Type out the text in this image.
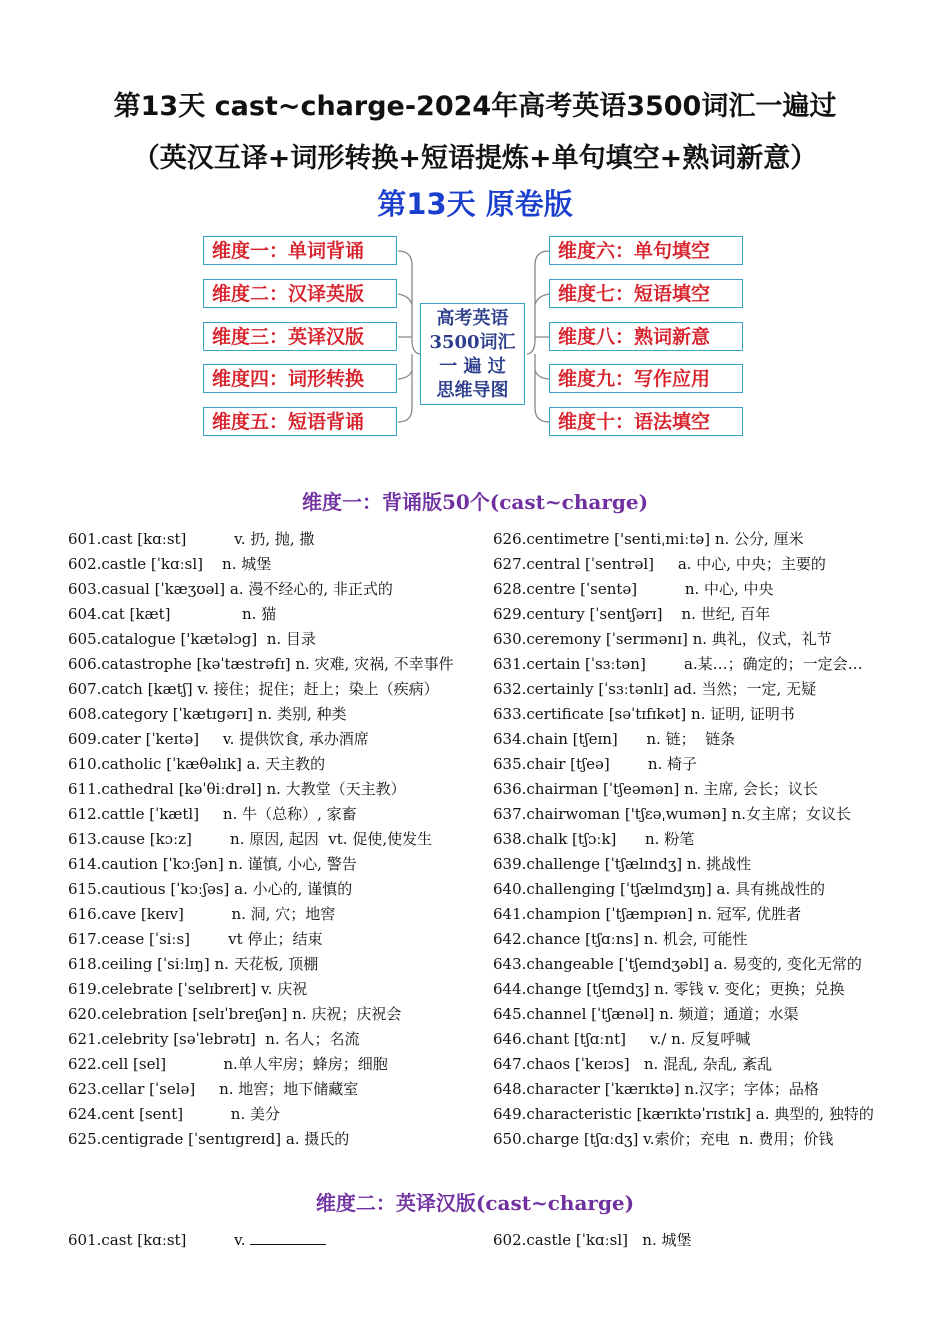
第13天 cast~charge-2024年高考英语3500词汇一遍过
（英汉互译+词形转换+短语提炼+单句填空+熟词新意）
第13天 原卷版
维度一：单词背诵
维度二：汉译英版
维度三：英译汉版
维度四：词形转换
维度五：短语背诵
维度六：单句填空
维度七：短语填空
维度八：熟词新意
维度九：写作应用
维度十：语法填空
高考英语
3500词汇
一 遍 过
思维导图
维度一：背诵版50个(cast~charge)
601.cast [kɑːst]          v. 扔, 抛, 撒
602.castle [ˈkɑːsl]    n. 城堡
603.casual [ˈkæʒʊəl] a. 漫不经心的, 非正式的
604.cat [kæt]               n. 猫
605.catalogue ['kætəlɔg]  n. 目录
606.catastrophe [kəˈtæstrəfɪ] n. 灾难, 灾祸, 不幸事件
607.catch [kætʃ] v. 接住；捉住；赶上；染上（疾病）
608.category [ˈkætɪgərɪ] n. 类别, 种类
609.cater [ˈkeɪtə]     v. 提供饮食, 承办酒席
610.catholic [ˈkæθəlɪk] a. 天主教的
611.cathedral [kəˈθiːdrəl] n. 大教堂（天主教）
612.cattle [ˈkætl]     n. 牛（总称）, 家畜
613.cause [kɔːz]        n. 原因, 起因  vt. 促使,使发生
614.caution [ˈkɔːʃən] n. 谨慎, 小心, 警告
615.cautious [ˈkɔːʃəs] a. 小心的, 谨慎的
616.cave [keɪv]          n. 洞, 穴；地窖
617.cease [ˈsiːs]        vt 停止；结束
618.ceiling [ˈsiːlɪŋ] n. 天花板, 顶棚
619.celebrate [ˈselɪbreɪt] v. 庆祝
620.celebration [selɪˈbreɪʃən] n. 庆祝；庆祝会
621.celebrity [səˈlebrətɪ]  n. 名人；名流
622.cell [sel]            n.单人牢房；蜂房；细胞
623.cellar [ˈselə]     n. 地窖；地下储藏室
624.cent [sent]          n. 美分
625.centigrade [ˈsentɪgreɪd] a. 摄氏的
626.centimetre ['sentiˌmiːtə] n. 公分, 厘米
627.central [ˈsentrəl]     a. 中心, 中央；主要的
628.centre [ˈsentə]          n. 中心, 中央
629.century [ˈsentʃərɪ]    n. 世纪, 百年
630.ceremony [ˈserɪmənɪ] n. 典礼，仪式，礼节
631.certain [ˈsɜːtən]        a.某…；确定的；一定会…
632.certainly [ˈsɜːtənlɪ] ad. 当然；一定, 无疑
633.certificate [səˈtɪfɪkət] n. 证明, 证明书
634.chain [tʃeɪn]      n. 链；  链条
635.chair [tʃeə]        n. 椅子
636.chairman [ˈtʃeəmən] n. 主席, 会长；议长
637.chairwoman ['tʃɛəˌwumən] n.女主席；女议长
638.chalk [tʃɔːk]      n. 粉笔
639.challenge [ˈtʃælɪndʒ] n. 挑战性
640.challenging [ˈtʃælɪndʒɪŋ] a. 具有挑战性的
641.champion [ˈtʃæmpɪən] n. 冠军, 优胜者
642.chance [tʃɑːns] n. 机会, 可能性
643.changeable [ˈtʃeɪndʒəbl] a. 易变的, 变化无常的
644.change [tʃeɪndʒ] n. 零钱 v. 变化；更换；兑换
645.channel [ˈtʃænəl] n. 频道；通道；水渠
646.chant [tʃɑːnt]     v./ n. 反复呼喊
647.chaos [ˈkeɪɔs]   n. 混乱, 杂乱, 紊乱
648.character [ˈkærɪktə] n.汉字；字体；品格
649.characteristic [kærɪktəˈrɪstɪk] a. 典型的, 独特的
650.charge [tʃɑːdʒ] v.索价；充电  n. 费用；价钱
维度二：英译汉版(cast~charge)
601.cast [kɑːst]          v.	602.castle [ˈkɑːsl]   n. 城堡
